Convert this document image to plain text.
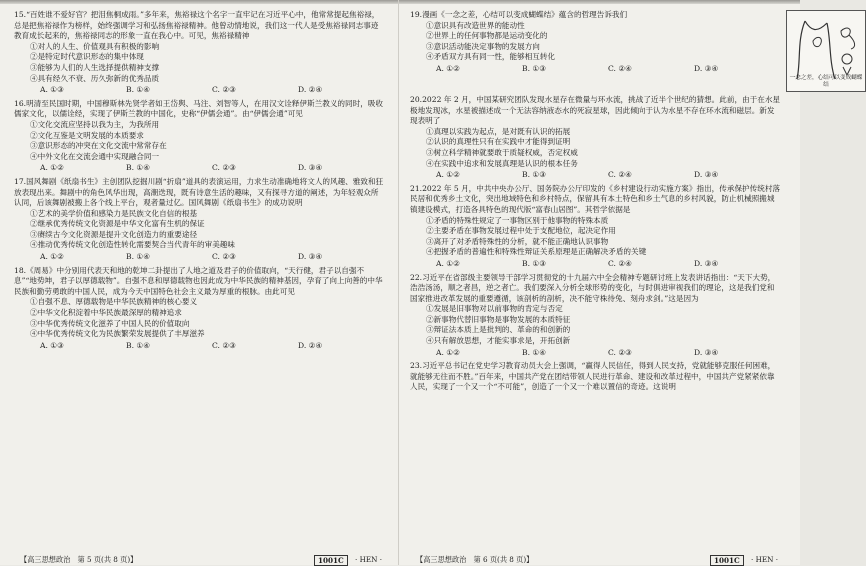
15.“百姓谁不爱好官？把泪焦桐成雨。”多年来，焦裕禄这个名字一直牢记在习近平心中，他常常提起焦裕禄，总是把焦裕禄作为榜样，始终强调学习和弘扬焦裕禄精神。他曾动情地说，我们这一代人是受焦裕禄同志事迹教育成长起来的，焦裕禄同志的形象一直在我心中。可见，焦裕禄精神

①对人的人生、价值观具有积极的影响

②是特定时代意识形态的集中体现

③能够为人们的人生选择提供精神支撑

④具有经久不衰、历久弥新的优秀品质

A. ①③	B. ①④	C. ②③	D. ②④

16.明清至民国时期，中国穆斯林先贤学者如王岱舆、马注、刘智等人，在用汉文诠释伊斯兰教义的同时，吸收儒家文化，以儒诠经，实现了伊斯兰教的中国化，史称“伊儒会通”。由“伊儒会通”可见

①文化交流应坚持以我为主，为我所用

②文化互鉴是文明发展的本质要求

③意识形态的冲突在文化交流中常常存在

④中外文化在交流会通中实现融合同一

A. ①②	B. ①④	C. ②③	D. ③④

17.国风舞剧《纸扇书生》主创团队挖掘川剧“折扇”道具的表演运用，力求生动准确地将文人的风趣、雅致和狂放表现出来。舞剧中的角色风华出现，高潮迭现，既有诗意生活的趣味，又有探寻方道的阐述，为年轻观众所认同，后该舞剧被搬上各个线上平台，观者量过亿。国风舞剧《纸扇书生》的成功说明

①艺术的美学价值和感染力是民族文化自信的根基

②继承优秀传统文化资源是中华文化富有生机的保证

③赓续古今文化资源是提升文化创造力的重要途径

④推动优秀传统文化创造性转化需要契合当代青年的审美趣味

A. ①②	B. ①④	C. ②③	D. ③④

18.《周易》中分别用代表天和地的乾坤二卦提出了人地之道及君子的价值取向，“天行健，君子以自强不息”“地势坤，君子以厚德载物”。自强不息和厚德载物也因此成为中华民族的精神基因，孕育了向上向善的中华民族和勤劳勇敢的中国人民，成为今天中国特色社会主义最为厚重的根脉。由此可见

①自强不息、厚德载物是中华民族精神的核心要义

②中华文化积淀着中华民族最深厚的精神追求

③中华优秀传统文化滋养了中国人民的价值取向

④中华优秀传统文化为民族繁荣发展提供了丰厚滋养

A. ①③	B. ①④	C. ②③	D. ②④
【高三思想政治　第 5 页(共 8 页)】	1001C	· HEN ·

19.漫画《一念之差，心结可以变成蝴蝶结》蕴含的哲理告诉我们

①意识具有改造世界的能动性

②世界上的任何事物都是运动变化的

③意识活动能决定事物的发展方向

④矛盾双方具有同一性，能够相互转化

A. ①②	B. ①③	C. ②④	D. ③④
一念之差，心结可以变成蝴蝶结

20.2022 年 2 月，中国某研究团队发现水星存在微量与环水流，挑战了近半个世纪的猜想。此前，由于在水星极地发现冰，水星被描述成一个无法容纳液态水的死寂星球，因此倾向于认为水星不存在环水流和磁层。新发现表明了

①真理以实践为起点，是对既有认识的拓展

②认识的真理性只有在实践中才能得到证明

③树立科学精神就要敢于质疑权威，否定权威

④在实践中追求和发展真理是认识的根本任务

A. ①②	B. ①③	C. ②④	D. ③④

21.2022 年 5 月，中共中央办公厅、国务院办公厅印发的《乡村建设行动实施方案》指出，传承保护传统村落民居和优秀乡土文化，突出地域特色和乡村特点，保留具有本土特色和乡土气息的乡村风貌，防止机械照搬城镇建设模式，打造各具特色的现代版“富春山居图”。其哲学依据是

①矛盾的特殊性规定了一事物区别于他事物的特殊本质

②主要矛盾在事物发展过程中处于支配地位，起决定作用

③离开了对矛盾特殊性的分析，就不能正确地认识事物

④把握矛盾的普遍性和特殊性辩证关系原理是正确解决矛盾的关键

A. ①②	B. ①③	C. ②④	D. ③④

22.习近平在省部级主要领导干部学习贯彻党的十九届六中全会精神专题研讨班上发表讲话指出：“天下大势，浩浩汤汤，顺之者昌，逆之者亡。我们要深入分析全球形势的变化，与时俱进审视我们的理论，这是我们党和国家推进改革发展的重要遵循，该剖析的剖析，决不能守株待兔、刻舟求剑。”这是因为

①发展是旧事物对以前事物的肯定与否定

②新事物代替旧事物是事物发展的本质特征

③辩证法本质上是批判的、革命的和创新的

④只有解放思想，才能实事求是，开拓创新

A. ①②	B. ①④	C. ②③	D. ③④

23.习近平总书记在党史学习教育动员大会上强调，“赢得人民信任，得到人民支持，党就能够克服任何困难，就能够无往而不胜。”百年来，中国共产党在团结带领人民进行革命、建设和改革过程中，中国共产党紧紧依靠人民，实现了一个又一个“不可能”，创造了一个又一个难以置信的奇迹。这说明

【高三思想政治　第 6 页(共 8 页)】	1001C	· HEN ·
